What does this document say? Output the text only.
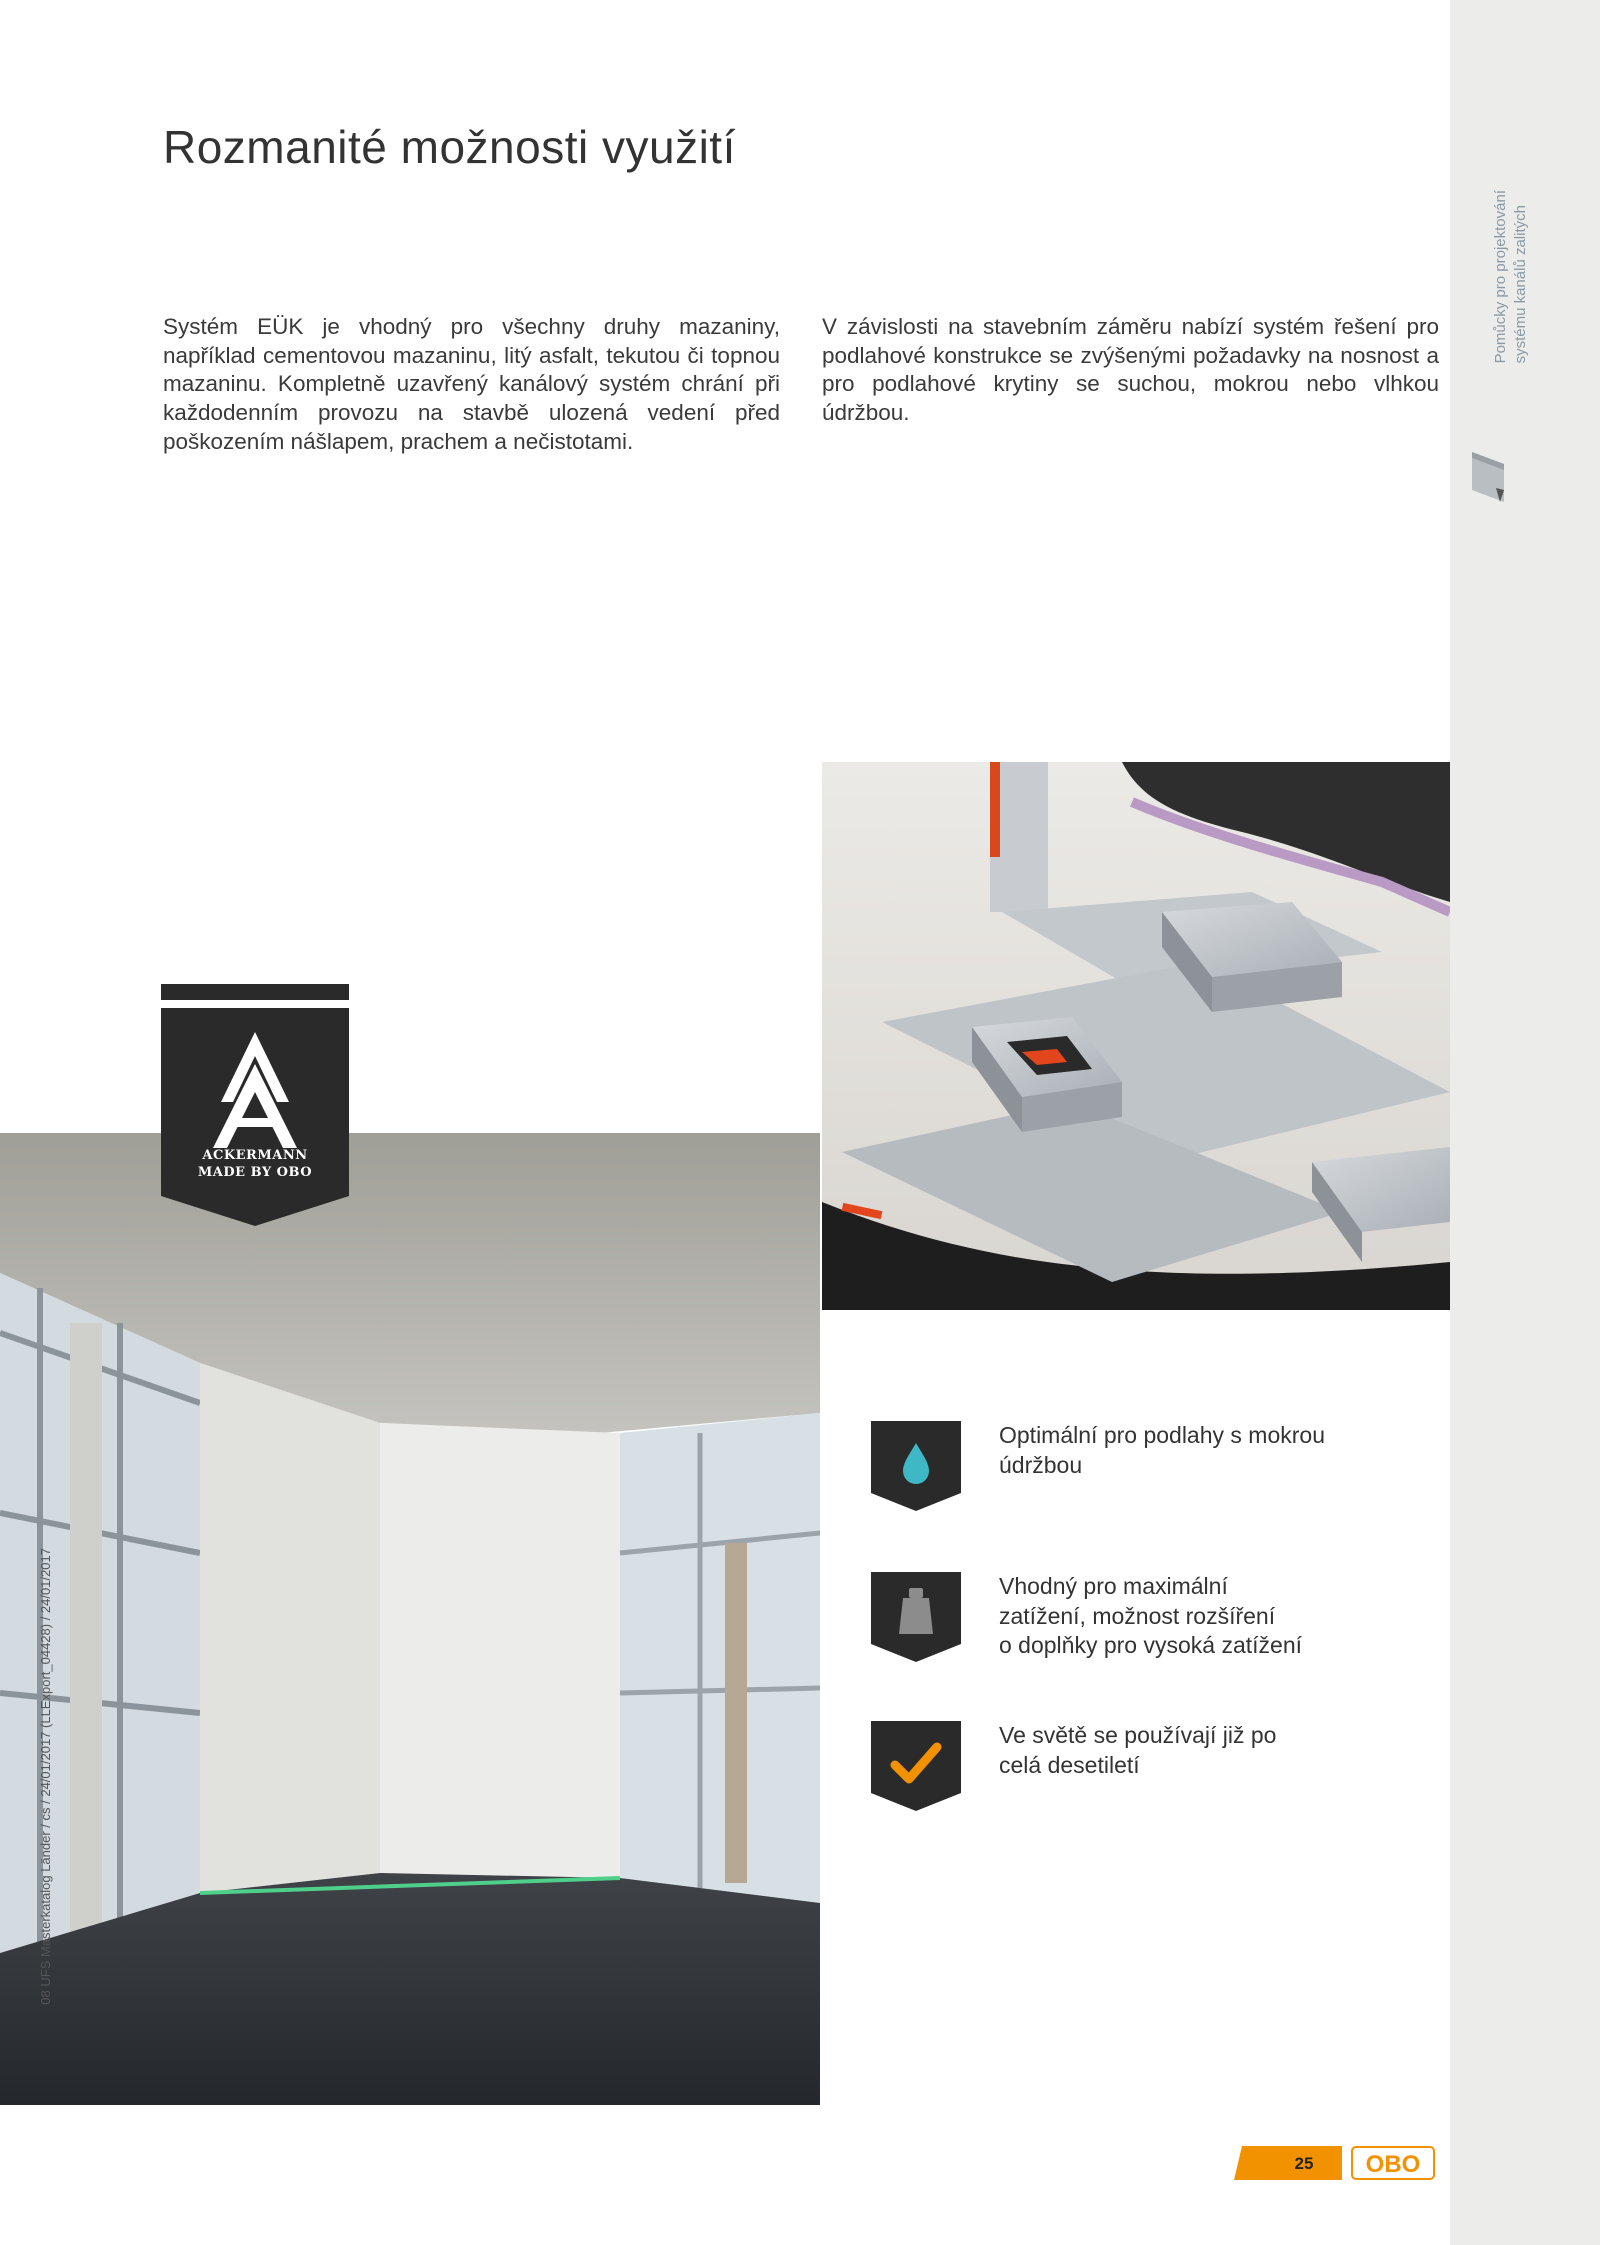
Pomůcky pro projektování
systému kanálů zalitých
Rozmanité možnosti využití

Systém EÜK je vhodný pro všechny druhy mazaniny, například cementovou mazaninu, litý asfalt, tekutou či topnou mazaninu. Kompletně uzavřený kanálový systém chrání při každodenním provozu na stavbě ulozená vedení před poškozením nášlapem, prachem a nečistotami.

V závislosti na stavebním záměru nabízí systém řešení pro podlahové konstrukce se zvýšenými požadavky na nosnost a pro podlahové krytiny se suchou, mokrou nebo vlhkou údržbou.

ACKERMANN
MADE BY OBO
Optimální pro podlahy s mokrou
údržbou
Vhodný pro maximální
zatížení, možnost rozšíření
o doplňky pro vysoká zatížení
Ve světě se používají již po
celá desetiletí
08 UFS Masterkatalog Länder / cs / 24/01/2017 (LLExport_04428) / 24/01/2017
25 OBO
